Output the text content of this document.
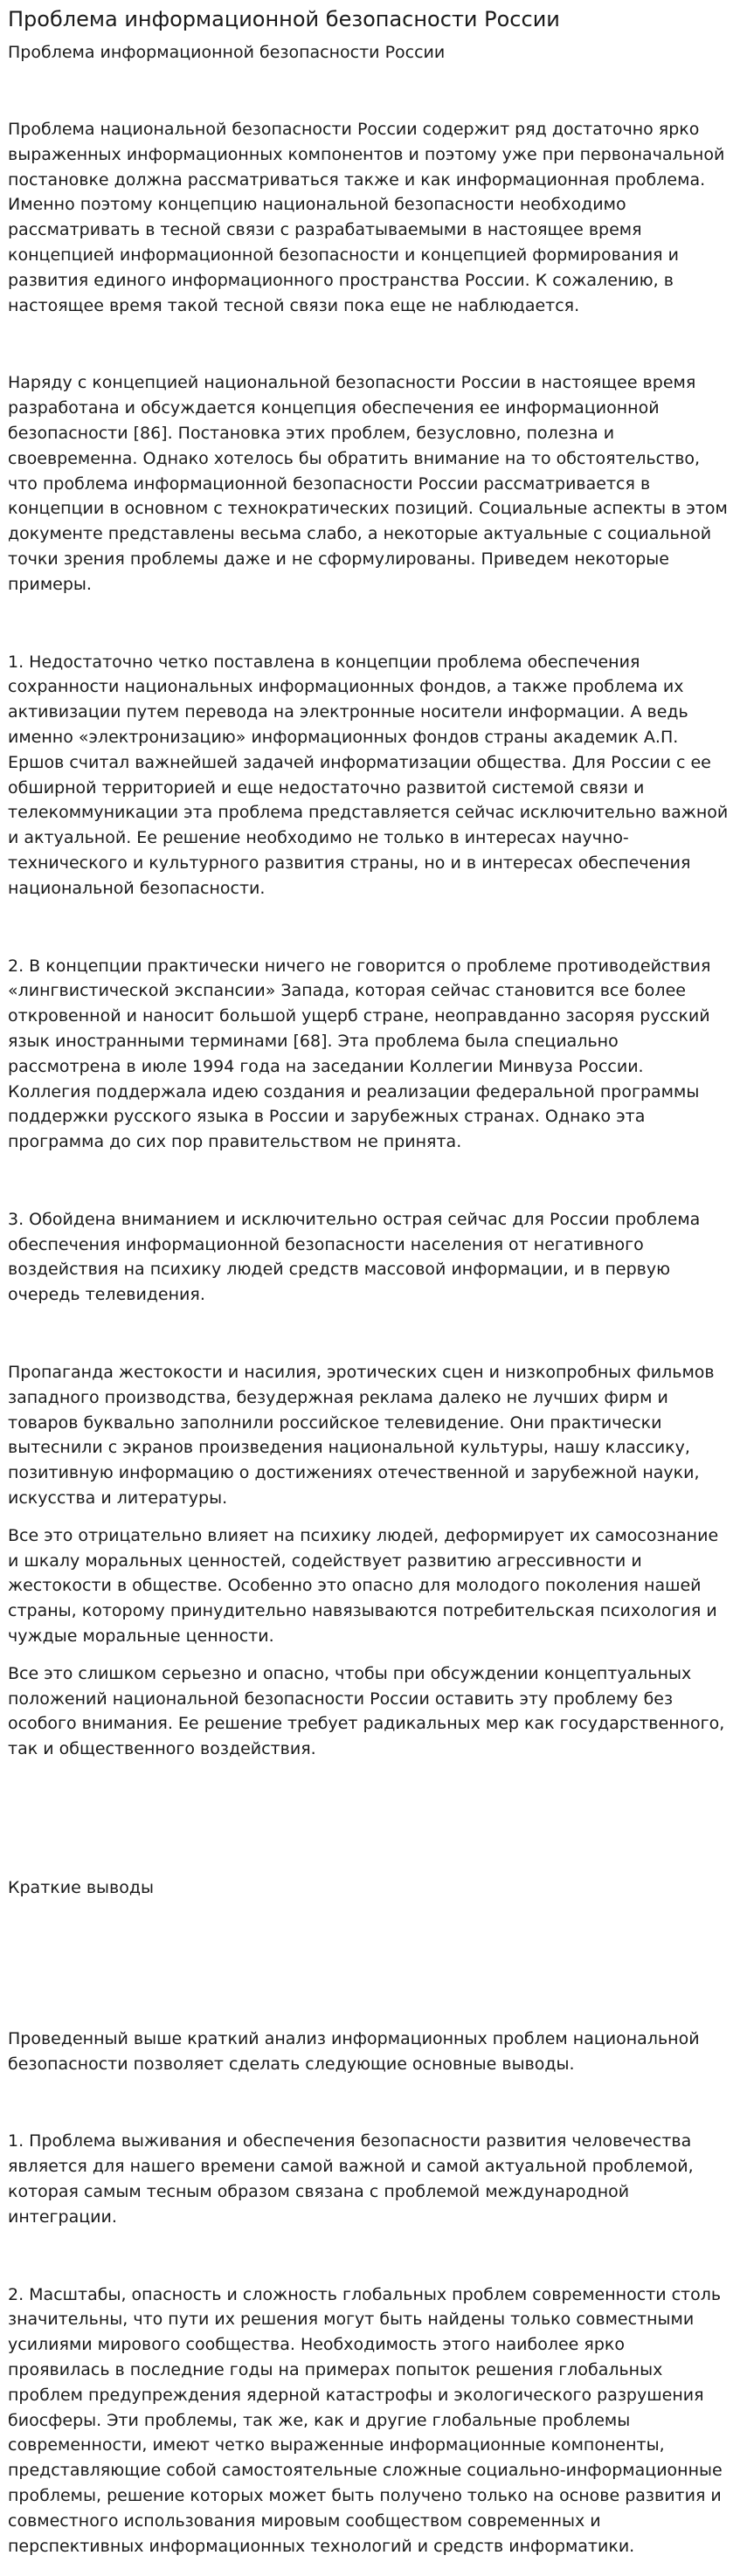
Проблема информационной безопасности России
Проблема информационной безопасности России

Проблема национальной безопасности России содержит ряд достаточно ярко выраженных информационных компонентов и поэтому уже при первоначальной постановке должна рассматриваться также и как информационная проблема. Именно поэтому концепцию национальной безопасности необходимо рассматривать в тесной связи с разрабатываемыми в настоящее время концепцией информационной безопасности и концепцией формирования и развития единого информационного пространства России. К сожалению, в настоящее время такой тесной связи пока еще не наблюдается.

Наряду с концепцией национальной безопасности России в настоящее время разработана и обсуждается концепция обеспечения ее информационной безопасности [86]. Постановка этих проблем, безусловно, полезна и своевременна. Однако хотелось бы обратить внимание на то обстоятельство, что проблема информационной безопасности России рассматривается в концепции в основном с технократических позиций. Социальные аспекты в этом документе представлены весьма слабо, а некоторые актуальные с социальной точки зрения проблемы даже и не сформулированы. Приведем некоторые примеры.

1. Недостаточно четко поставлена в концепции проблема обеспечения сохранности национальных информационных фондов, а также проблема их активизации путем перевода на электронные носители информации. А ведь именно «электронизацию» информационных фондов страны академик А.П. Ершов считал важнейшей задачей информатизации общества. Для России с ее обширной территорией и еще недостаточно развитой системой связи и телекоммуникации эта проблема представляется сейчас исключительно важной и актуальной. Ее решение необходимо не только в интересах научно-технического и культурного развития страны, но и в интересах обеспечения национальной безопасности.

2. В концепции практически ничего не говорится о проблеме противодействия «лингвистической экспансии» Запада, которая сейчас становится все более откровенной и наносит большой ущерб стране, неоправданно засоряя русский язык иностранными терминами [68]. Эта проблема была специально рассмотрена в июле 1994 года на заседании Коллегии Минвуза России. Коллегия поддержала идею создания и реализации федеральной программы поддержки русского языка в России и зарубежных странах. Однако эта программа до сих пор правительством не принята.

3. Обойдена вниманием и исключительно острая сейчас для России проблема обеспечения информационной безопасности населения от негативного воздействия на психику людей средств массовой информации, и в первую очередь телевидения.

Пропаганда жестокости и насилия, эротических сцен и низкопробных фильмов западного производства, безудержная реклама далеко не лучших фирм и товаров буквально заполнили российское телевидение. Они практически вытеснили с экранов произведения национальной культуры, нашу классику, позитивную информацию о достижениях отечественной и зарубежной науки, искусства и литературы.

Все это отрицательно влияет на психику людей, деформирует их самосознание и шкалу моральных ценностей, содействует развитию агрессивности и жестокости в обществе. Особенно это опасно для молодого поколения нашей страны, которому принудительно навязываются потребительская психология и чуждые моральные ценности.

Все это слишком серьезно и опасно, чтобы при обсуждении концептуальных положений национальной безопасности России оставить эту проблему без особого внимания. Ее решение требует радикальных мер как государственного, так и общественного воздействия.

Краткие выводы

Проведенный выше краткий анализ информационных проблем национальной безопасности позволяет сделать следующие основные выводы.

1. Проблема выживания и обеспечения безопасности развития человечества является для нашего времени самой важной и самой актуальной проблемой, которая самым тесным образом связана с проблемой международной интеграции.

2. Масштабы, опасность и сложность глобальных проблем современности столь значительны, что пути их решения могут быть найдены только совместными усилиями мирового сообщества. Необходимость этого наиболее ярко проявилась в последние годы на примерах попыток решения глобальных проблем предупреждения ядерной катастрофы и экологического разрушения биосферы. Эти проблемы, так же, как и другие глобальные проблемы современности, имеют четко выраженные информационные компоненты, представляющие собой самостоятельные сложные социально-информационные проблемы, решение которых может быть получено только на основе развития и совместного использования мировым сообществом современных и перспективных информационных технологий и средств информатики.
